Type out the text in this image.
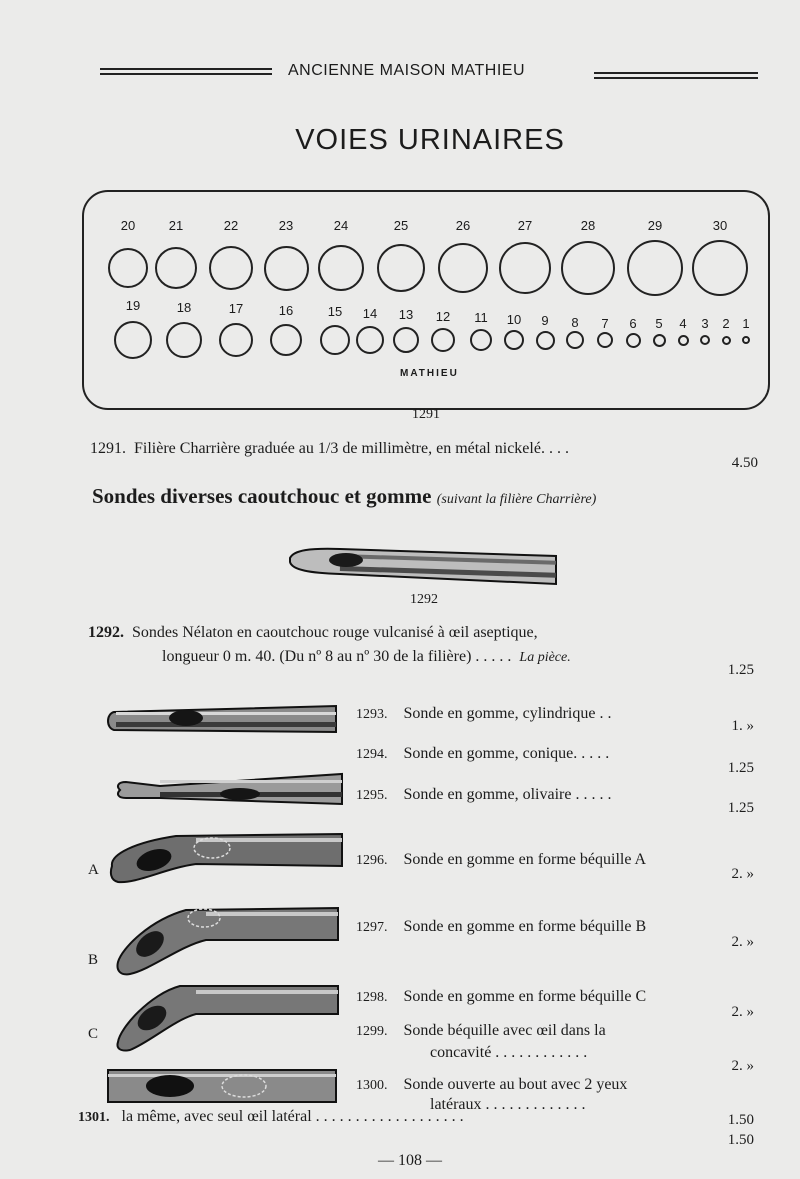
ANCIENNE MAISON MATHIEU
VOIES URINAIRES
20	21	22	23	24	25	26	27	28	29	30
19	18	17	16	15 14 13 12 11 10 9 8 7 6 5 4 3 2 1
MATHIEU
1291
1291. Filière Charrière graduée au 1/3 de millimètre, en métal nickelé. . . .
4.50
Sondes diverses caoutchouc et gomme (suivant la filière Charrière)
1292
1292. Sondes Nélaton en caoutchouc rouge vulcanisé à œil aseptique,
longueur 0 m. 40. (Du nº 8 au nº 30 de la filière) . . . . . La pièce.
1.25
A
B
C
1293. Sonde en gomme, cylindrique . .
1. »
1294. Sonde en gomme, conique. . . . .
1.25
1295. Sonde en gomme, olivaire . . . . .
1.25
1296. Sonde en gomme en forme béquille A
2. »
1297. Sonde en gomme en forme béquille B
2. »
1298. Sonde en gomme en forme béquille C
2. »
1299. Sonde béquille avec œil dans la
concavité . . . . . . . . . . . .
2. »
1300. Sonde ouverte au bout avec 2 yeux
latéraux . . . . . . . . . . . . .
1.50
1301. la même, avec seul œil latéral . . . . . . . . . . . . . . . . . . .
1.50
— 108 —
